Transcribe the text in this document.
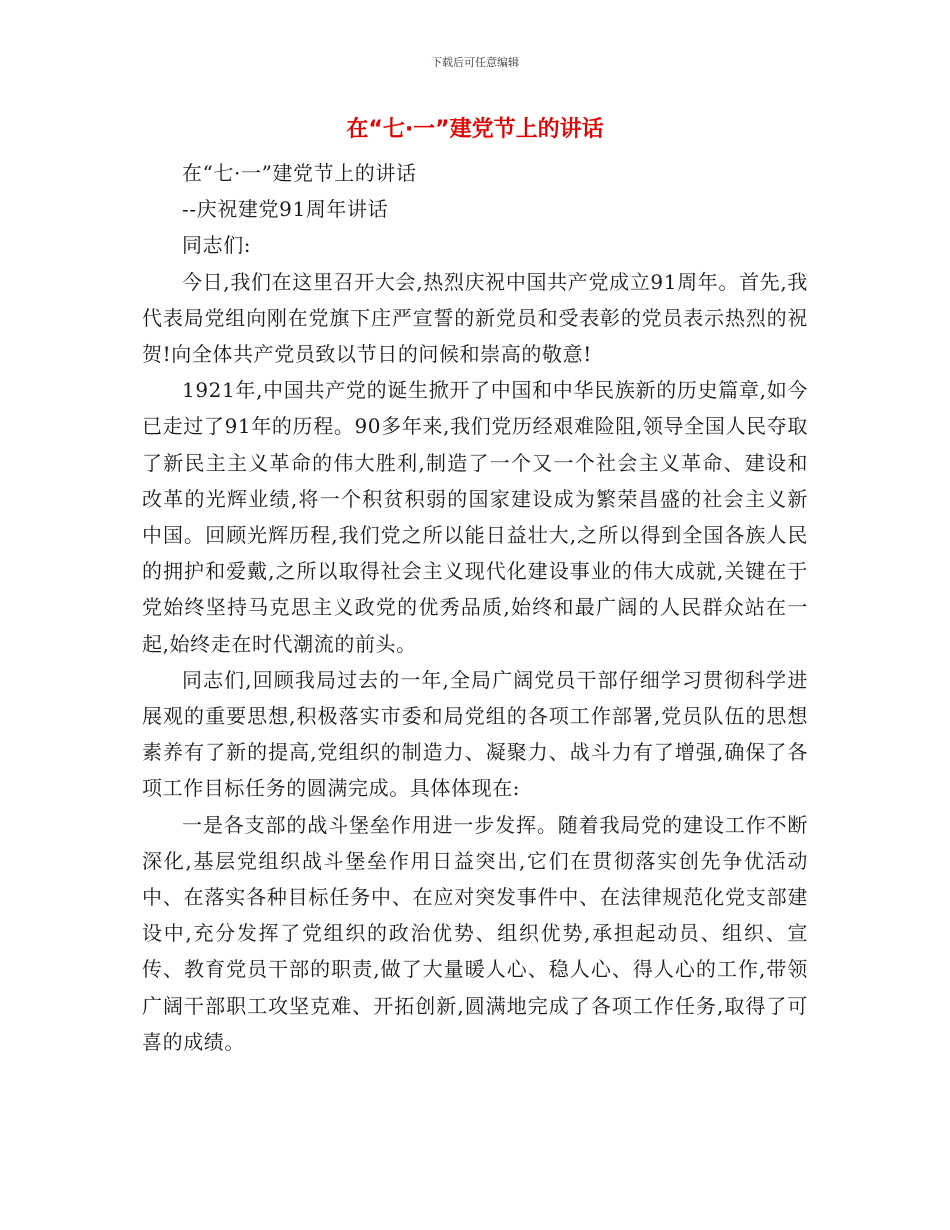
下载后可任意编辑
在“七·一”建党节上的讲话
在“七·一”建党节上的讲话
--庆祝建党91周年讲话
同志们:

今日,我们在这里召开大会,热烈庆祝中国共产党成立91周年。首先,我代表局党组向刚在党旗下庄严宣誓的新党员和受表彰的党员表示热烈的祝贺!向全体共产党员致以节日的问候和崇高的敬意!

1921年,中国共产党的诞生掀开了中国和中华民族新的历史篇章,如今已走过了91年的历程。90多年来,我们党历经艰难险阻,领导全国人民夺取了新民主主义革命的伟大胜利,制造了一个又一个社会主义革命、建设和改革的光辉业绩,将一个积贫积弱的国家建设成为繁荣昌盛的社会主义新中国。回顾光辉历程,我们党之所以能日益壮大,之所以得到全国各族人民的拥护和爱戴,之所以取得社会主义现代化建设事业的伟大成就,关键在于党始终坚持马克思主义政党的优秀品质,始终和最广阔的人民群众站在一起,始终走在时代潮流的前头。

同志们,回顾我局过去的一年,全局广阔党员干部仔细学习贯彻科学进展观的重要思想,积极落实市委和局党组的各项工作部署,党员队伍的思想素养有了新的提高,党组织的制造力、凝聚力、战斗力有了增强,确保了各项工作目标任务的圆满完成。具体体现在:

一是各支部的战斗堡垒作用进一步发挥。随着我局党的建设工作不断深化,基层党组织战斗堡垒作用日益突出,它们在贯彻落实创先争优活动中、在落实各种目标任务中、在应对突发事件中、在法律规范化党支部建设中,充分发挥了党组织的政治优势、组织优势,承担起动员、组织、宣传、教育党员干部的职责,做了大量暖人心、稳人心、得人心的工作,带领广阔干部职工攻坚克难、开拓创新,圆满地完成了各项工作任务,取得了可喜的成绩。
